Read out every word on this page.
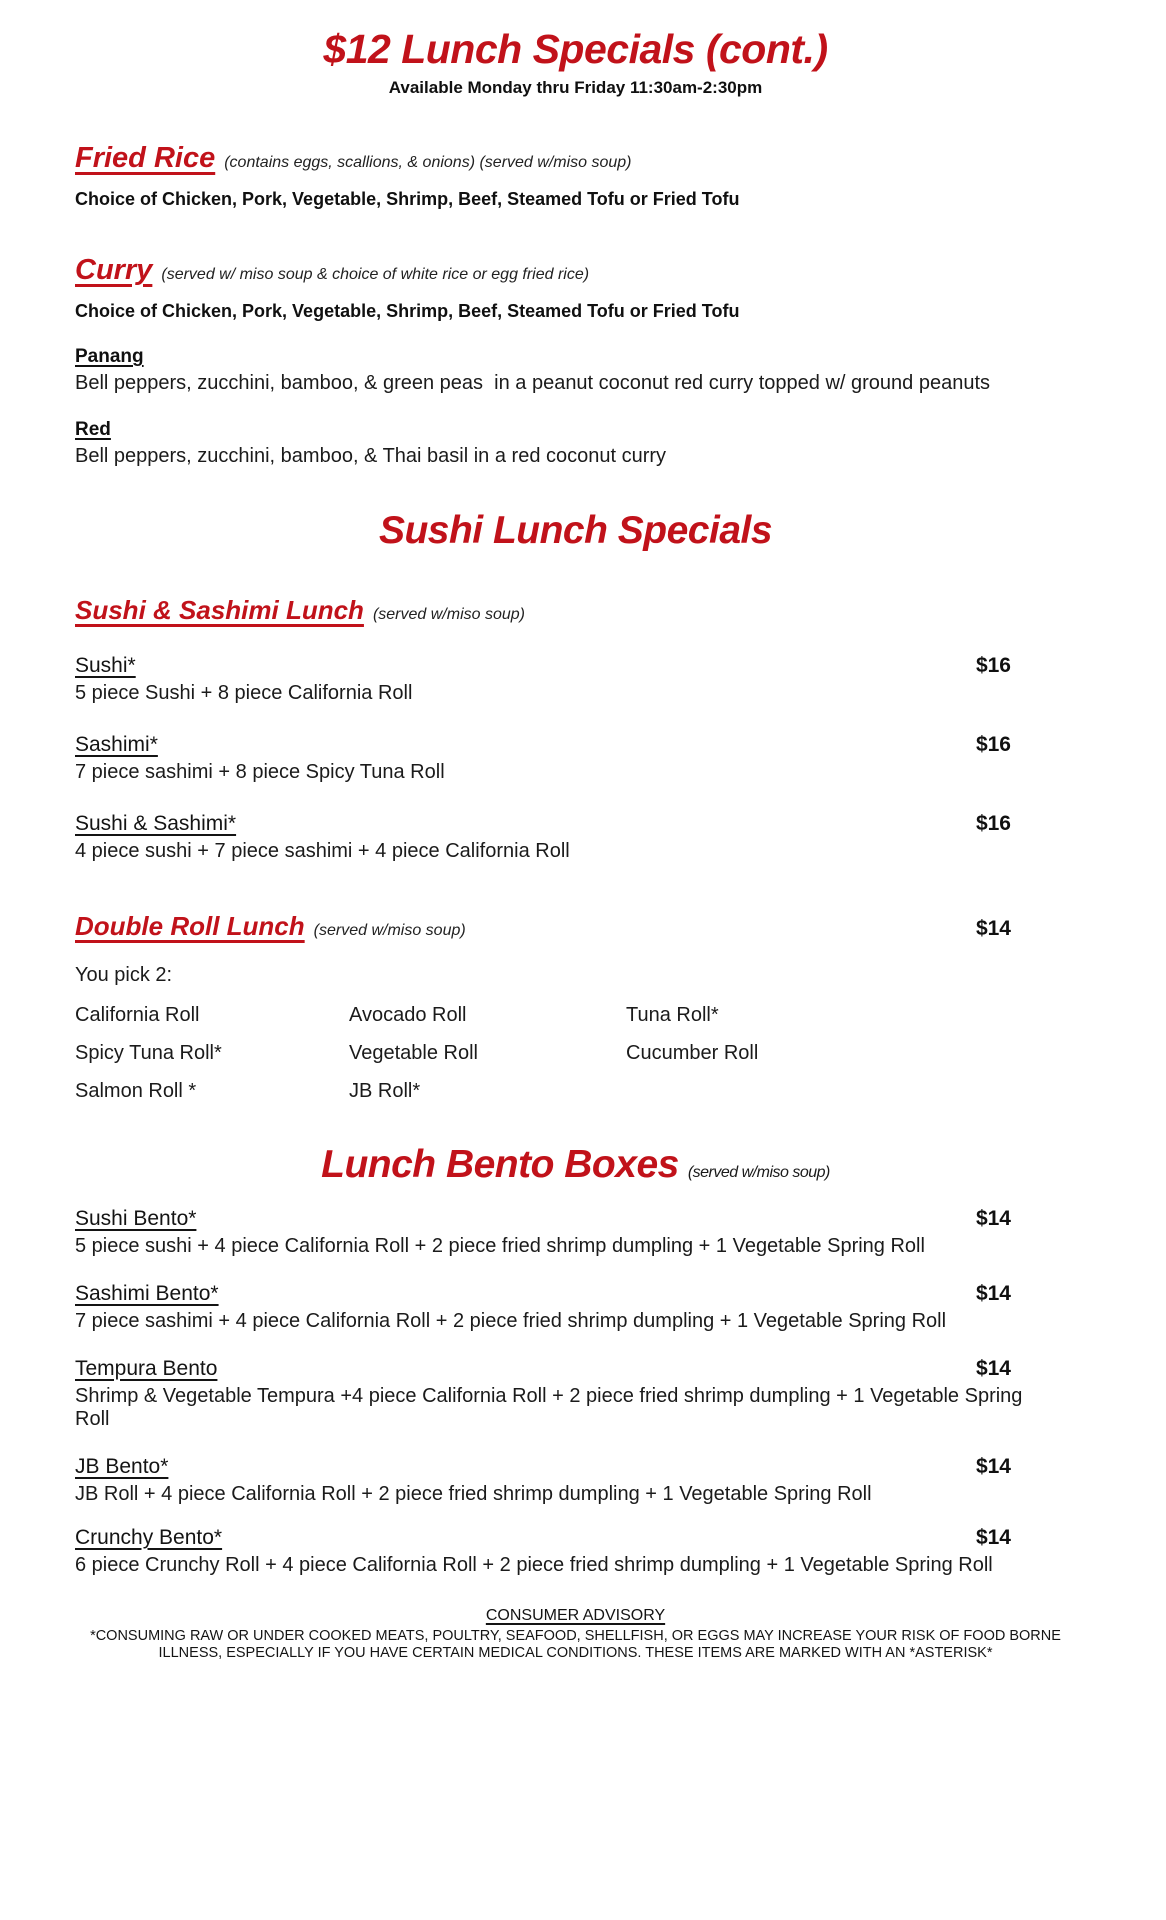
$12 Lunch Specials (cont.)
Available Monday thru Friday 11:30am-2:30pm
Fried Rice (contains eggs, scallions, & onions) (served w/miso soup)

Choice of Chicken, Pork, Vegetable, Shrimp, Beef, Steamed Tofu or Fried Tofu

Curry (served w/ miso soup & choice of white rice or egg fried rice)

Choice of Chicken, Pork, Vegetable, Shrimp, Beef, Steamed Tofu or Fried Tofu

Panang

Bell peppers, zucchini, bamboo, & green peas  in a peanut coconut red curry topped w/ ground peanuts

Red

Bell peppers, zucchini, bamboo, & Thai basil in a red coconut curry

Sushi Lunch Specials
Sushi & Sashimi Lunch (served w/miso soup)
Sushi*	$16

5 piece Sushi + 8 piece California Roll

Sashimi*	$16

7 piece sashimi + 8 piece Spicy Tuna Roll

Sushi & Sashimi*	$16

4 piece sushi + 7 piece sashimi + 4 piece California Roll

Double Roll Lunch (served w/miso soup)	$14

You pick 2:

California Roll	Avocado Roll	Tuna Roll*
Spicy Tuna Roll*	Vegetable Roll	Cucumber Roll
Salmon Roll *	JB Roll*
Lunch Bento Boxes (served w/miso soup)
Sushi Bento*	$14

5 piece sushi + 4 piece California Roll + 2 piece fried shrimp dumpling + 1 Vegetable Spring Roll

Sashimi Bento*	$14

7 piece sashimi + 4 piece California Roll + 2 piece fried shrimp dumpling + 1 Vegetable Spring Roll

Tempura Bento	$14

Shrimp & Vegetable Tempura +4 piece California Roll + 2 piece fried shrimp dumpling + 1 Vegetable Spring Roll

JB Bento*	$14

JB Roll + 4 piece California Roll + 2 piece fried shrimp dumpling + 1 Vegetable Spring Roll

Crunchy Bento*	$14

6 piece Crunchy Roll + 4 piece California Roll + 2 piece fried shrimp dumpling + 1 Vegetable Spring Roll

CONSUMER ADVISORY

*CONSUMING RAW OR UNDER COOKED MEATS, POULTRY, SEAFOOD, SHELLFISH, OR EGGS MAY INCREASE YOUR RISK OF FOOD BORNE ILLNESS, ESPECIALLY IF YOU HAVE CERTAIN MEDICAL CONDITIONS. THESE ITEMS ARE MARKED WITH AN *ASTERISK*
